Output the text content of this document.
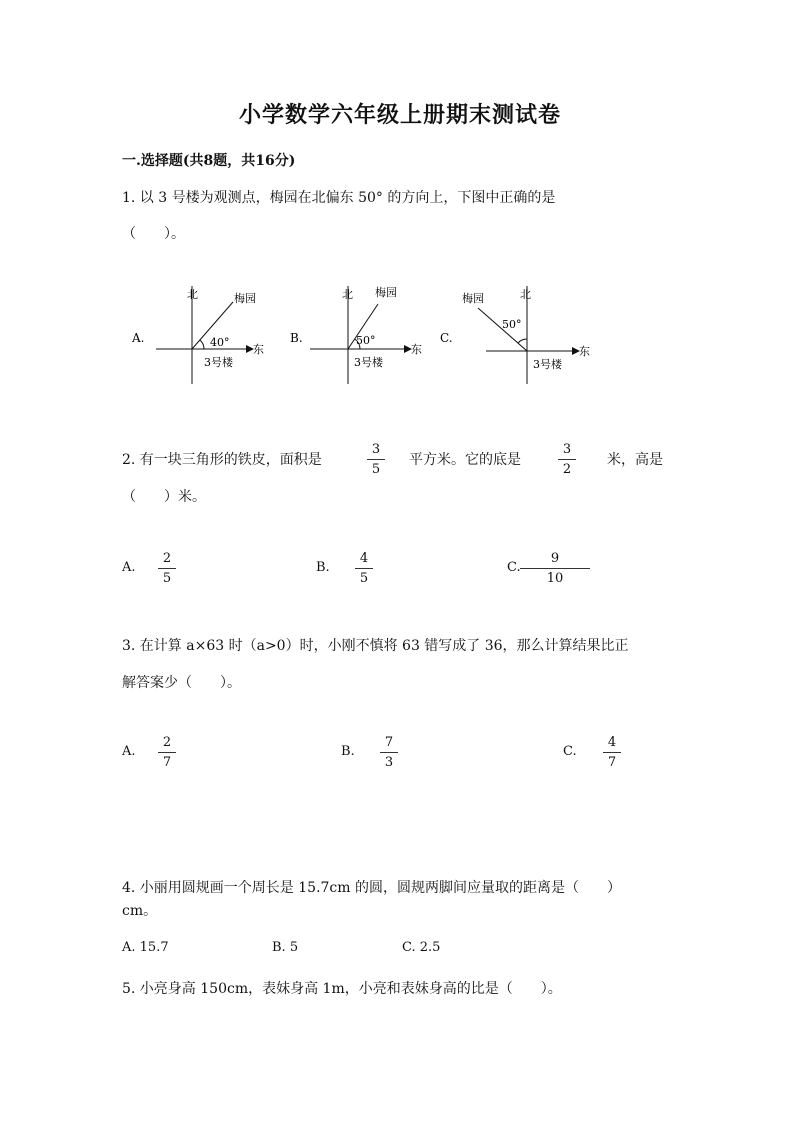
小学数学六年级上册期末测试卷
一.选择题(共8题，共16分)
1. 以 3 号楼为观测点，梅园在北偏东 50° 的方向上，下图中正确的是
（　　）。
A.
北
东
梅园
40°
3号楼
B.
北
东
梅园
50°
3号楼
C.
北
东
梅园
50°
3号楼
2. 有一块三角形的铁皮，面积是
3
5
平方米。它的底是
3
2
米，高是
（　　）米。
A.
2
5
B.
4
5
C.
9
10
3. 在计算 a×63 时（a>0）时，小刚不慎将 63 错写成了 36，那么计算结果比正
解答案少（　　）。
A.
2
7
B.
7
3
C.
4
7
4. 小丽用圆规画一个周长是 15.7cm 的圆，圆规两脚间应量取的距离是（　　）
cm。
A. 15.7	B. 5	C. 2.5
5. 小亮身高 150cm，表妹身高 1m，小亮和表妹身高的比是（　　）。
